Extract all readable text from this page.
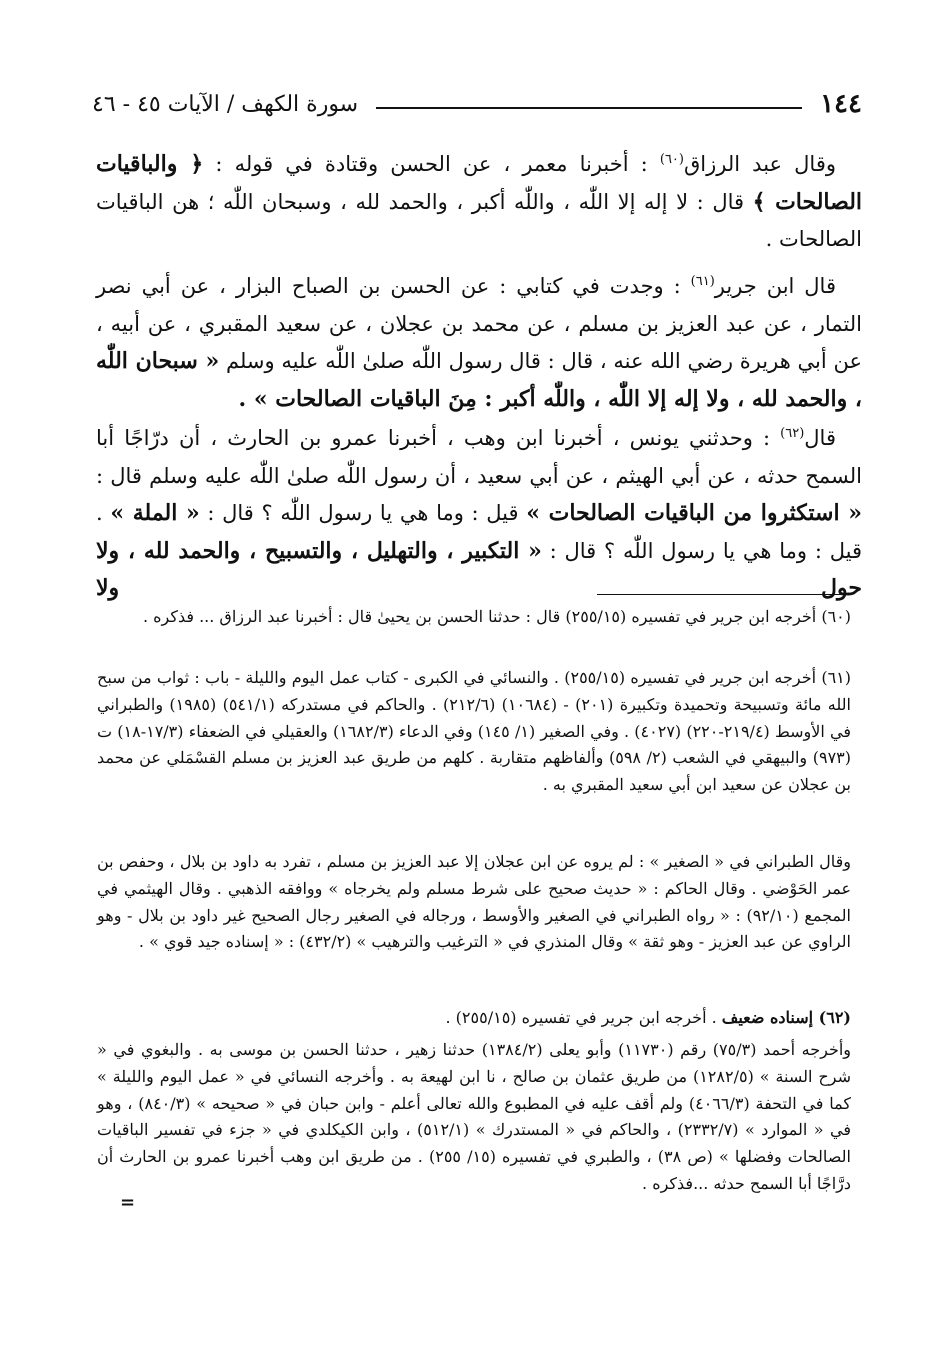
١٤٤
سورة الكهف / الآيات ٤٥ - ٤٦
وقال عبد الرزاق$^{(٦٠)}$ : أخبرنا معمر ، عن الحسن وقتادة في قوله : ﴿ والباقيات الصالحات ﴾ قال : لا إله إلا اللّٰه ، واللّٰه أكبر ، والحمد لله ، وسبحان اللّٰه ؛ هن الباقيات الصالحات .
قال ابن جرير$^{(٦١)}$ : وجدت في كتابي : عن الحسن بن الصباح البزار ، عن أبي نصر التمار ، عن عبد العزيز بن مسلم ، عن محمد بن عجلان ، عن سعيد المقبري ، عن أبيه ، عن أبي هريرة رضي الله عنه ، قال : قال رسول اللّٰه صلىٰ اللّٰه عليه وسلم « سبحان اللّٰه ، والحمد لله ، ولا إله إلا اللّٰه ، واللّٰه أكبر : مِنَ الباقيات الصالحات » .
قال$^{(٦٢)}$ : وحدثني يونس ، أخبرنا ابن وهب ، أخبرنا عمرو بن الحارث ، أن درّاجًا أبا السمح حدثه ، عن أبي الهيثم ، عن أبي سعيد ، أن رسول اللّٰه صلىٰ اللّٰه عليه وسلم قال : « استكثروا من الباقيات الصالحات » قيل : وما هي يا رسول اللّٰه ؟ قال : « الملة » . قيل : وما هي يا رسول اللّٰه ؟ قال : « التكبير ، والتهليل ، والتسبيح ، والحمد لله ، ولا حول ولا
(٦٠) أخرجه ابن جرير في تفسيره (٢٥٥/١٥) قال : حدثنا الحسن بن يحيىٰ قال : أخبرنا عبد الرزاق ... فذكره .
(٦١) أخرجه ابن جرير في تفسيره (٢٥٥/١٥) . والنسائي في الكبرى - كتاب عمل اليوم والليلة - باب : ثواب من سبح الله مائة وتسبيحة وتحميدة وتكبيرة (٢٠١) - (١٠٦٨٤) (٢١٢/٦) . والحاكم في مستدركه (٥٤١/١) (١٩٨٥) والطبراني في الأوسط (٢١٩/٤-٢٢٠) (٤٠٢٧) . وفي الصغير (١/ ١٤٥) وفي الدعاء (١٦٨٢/٣) والعقيلي في الضعفاء (١٧/٣-١٨) ت (٩٧٣) والبيهقي في الشعب (٢/ ٥٩٨) وألفاظهم متقاربة . كلهم من طريق عبد العزيز بن مسلم القسْمَلي عن محمد بن عجلان عن سعيد ابن أبي سعيد المقبري به .
وقال الطبراني في « الصغير » : لم يروه عن ابن عجلان إلا عبد العزيز بن مسلم ، تفرد به داود بن بلال ، وحفص بن عمر الحَوْضي . وقال الحاكم : « حديث صحيح على شرط مسلم ولم يخرجاه » ووافقه الذهبي . وقال الهيثمي في المجمع (٩٢/١٠) : « رواه الطبراني في الصغير والأوسط ، ورجاله في الصغير رجال الصحيح غير داود بن بلال - وهو الراوي عن عبد العزيز - وهو ثقة » وقال المنذري في « الترغيب والترهيب » (٤٣٢/٢) : « إسناده جيد قوي » .
(٦٢) إسناده ضعيف . أخرجه ابن جرير في تفسيره (٢٥٥/١٥) .
وأخرجه أحمد (٧٥/٣) رقم (١١٧٣٠) وأبو يعلى (١٣٨٤/٢) حدثنا زهير ، حدثنا الحسن بن موسى به . والبغوي في « شرح السنة » (١٢٨٢/٥) من طريق عثمان بن صالح ، نا ابن لهيعة به . وأخرجه النسائي في « عمل اليوم والليلة » كما في التحفة (٤٠٦٦/٣) ولم أقف عليه في المطبوع والله تعالى أعلم - وابن حبان في « صحيحه » (٨٤٠/٣) ، وهو في « الموارد » (٢٣٣٢/٧) ، والحاكم في « المستدرك » (٥١٢/١) ، وابن الكيكلدي في « جزء في تفسير الباقيات الصالحات وفضلها » (ص ٣٨) ، والطبري في تفسيره (١٥/ ٢٥٥) . من طريق ابن وهب أخبرنا عمرو بن الحارث أن درَّاجًا أبا السمح حدثه ...فذكره .
=
